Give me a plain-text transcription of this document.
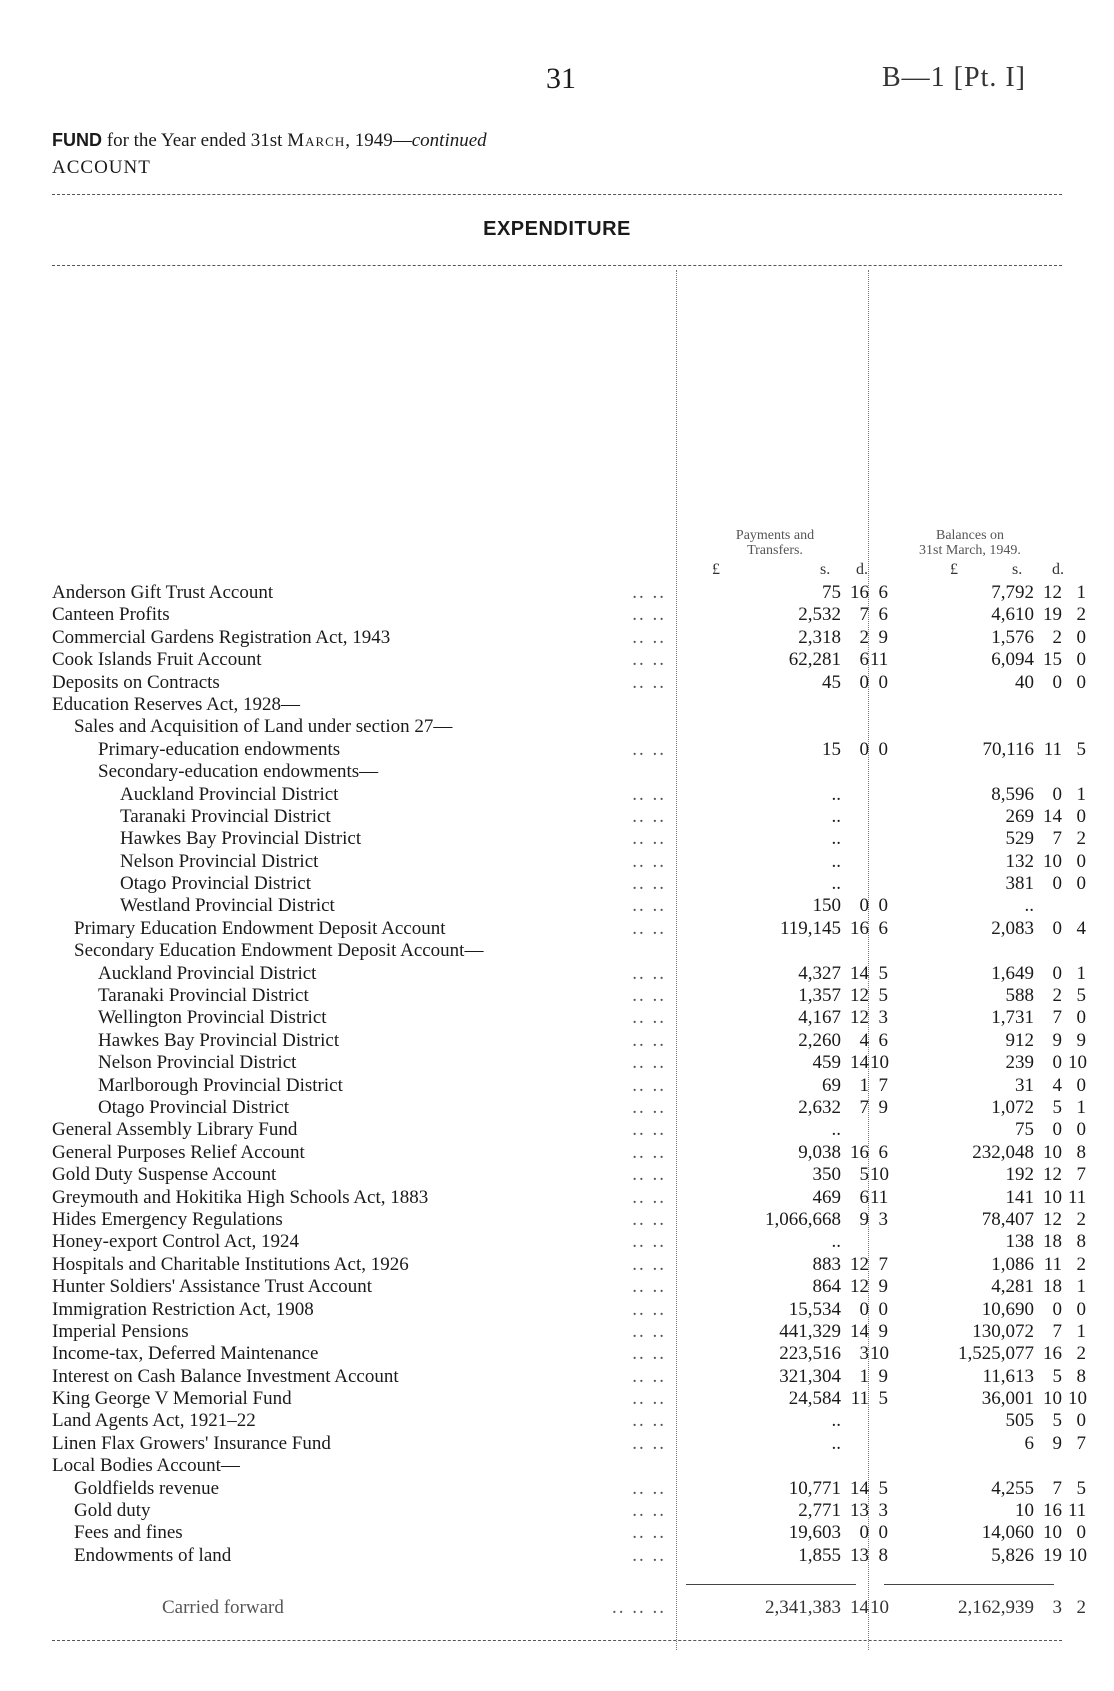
31	B—1 [Pt. I]
FUND for the Year ended 31st March, 1949—continued
ACCOUNT
EXPENDITURE
Payments and
Transfers.
Balances on
31st March, 1949.
£	s. d.	£	s. d.
Anderson Gift Trust Account	.. ..	75 16 6	7,792 12 1
Canteen Profits	.. ..	2,532 7 6	4,610 19 2
Commercial Gardens Registration Act, 1943	.. ..	2,318 2 9	1,576 2 0
Cook Islands Fruit Account	.. ..	62,281 6 11	6,094 15 0
Deposits on Contracts	.. ..	45 0 0	40 0 0
Education Reserves Act, 1928—
Sales and Acquisition of Land under section 27—
Primary-education endowments	.. ..	15 0 0	70,116 11 5
Secondary-education endowments—
Auckland Provincial District	.. ..	..	8,596 0 1
Taranaki Provincial District	.. ..	..	269 14 0
Hawkes Bay Provincial District	.. ..	..	529 7 2
Nelson Provincial District	.. ..	..	132 10 0
Otago Provincial District	.. ..	..	381 0 0
Westland Provincial District	.. ..	150 0 0	..
Primary Education Endowment Deposit Account	.. ..	119,145 16 6	2,083 0 4
Secondary Education Endowment Deposit Account—
Auckland Provincial District	.. ..	4,327 14 5	1,649 0 1
Taranaki Provincial District	.. ..	1,357 12 5	588 2 5
Wellington Provincial District	.. ..	4,167 12 3	1,731 7 0
Hawkes Bay Provincial District	.. ..	2,260 4 6	912 9 9
Nelson Provincial District	.. ..	459 14 10	239 0 10
Marlborough Provincial District	.. ..	69 1 7	31 4 0
Otago Provincial District	.. ..	2,632 7 9	1,072 5 1
General Assembly Library Fund	.. ..	..	75 0 0
General Purposes Relief Account	.. ..	9,038 16 6	232,048 10 8
Gold Duty Suspense Account	.. ..	350 5 10	192 12 7
Greymouth and Hokitika High Schools Act, 1883	.. ..	469 6 11	141 10 11
Hides Emergency Regulations	.. ..	1,066,668 9 3	78,407 12 2
Honey-export Control Act, 1924	.. ..	..	138 18 8
Hospitals and Charitable Institutions Act, 1926	.. ..	883 12 7	1,086 11 2
Hunter Soldiers' Assistance Trust Account	.. ..	864 12 9	4,281 18 1
Immigration Restriction Act, 1908	.. ..	15,534 0 0	10,690 0 0
Imperial Pensions	.. ..	441,329 14 9	130,072 7 1
Income-tax, Deferred Maintenance	.. ..	223,516 3 10	1,525,077 16 2
Interest on Cash Balance Investment Account	.. ..	321,304 1 9	11,613 5 8
King George V Memorial Fund	.. ..	24,584 11 5	36,001 10 10
Land Agents Act, 1921–22	.. ..	..	505 5 0
Linen Flax Growers' Insurance Fund	.. ..	..	6 9 7
Local Bodies Account—
Goldfields revenue	.. ..	10,771 14 5	4,255 7 5
Gold duty	.. ..	2,771 13 3	10 16 11
Fees and fines	.. ..	19,603 0 0	14,060 10 0
Endowments of land	.. ..	1,855 13 8	5,826 19 10
Carried forward	.. .. ..	2,341,383 14 10	2,162,939 3 2
